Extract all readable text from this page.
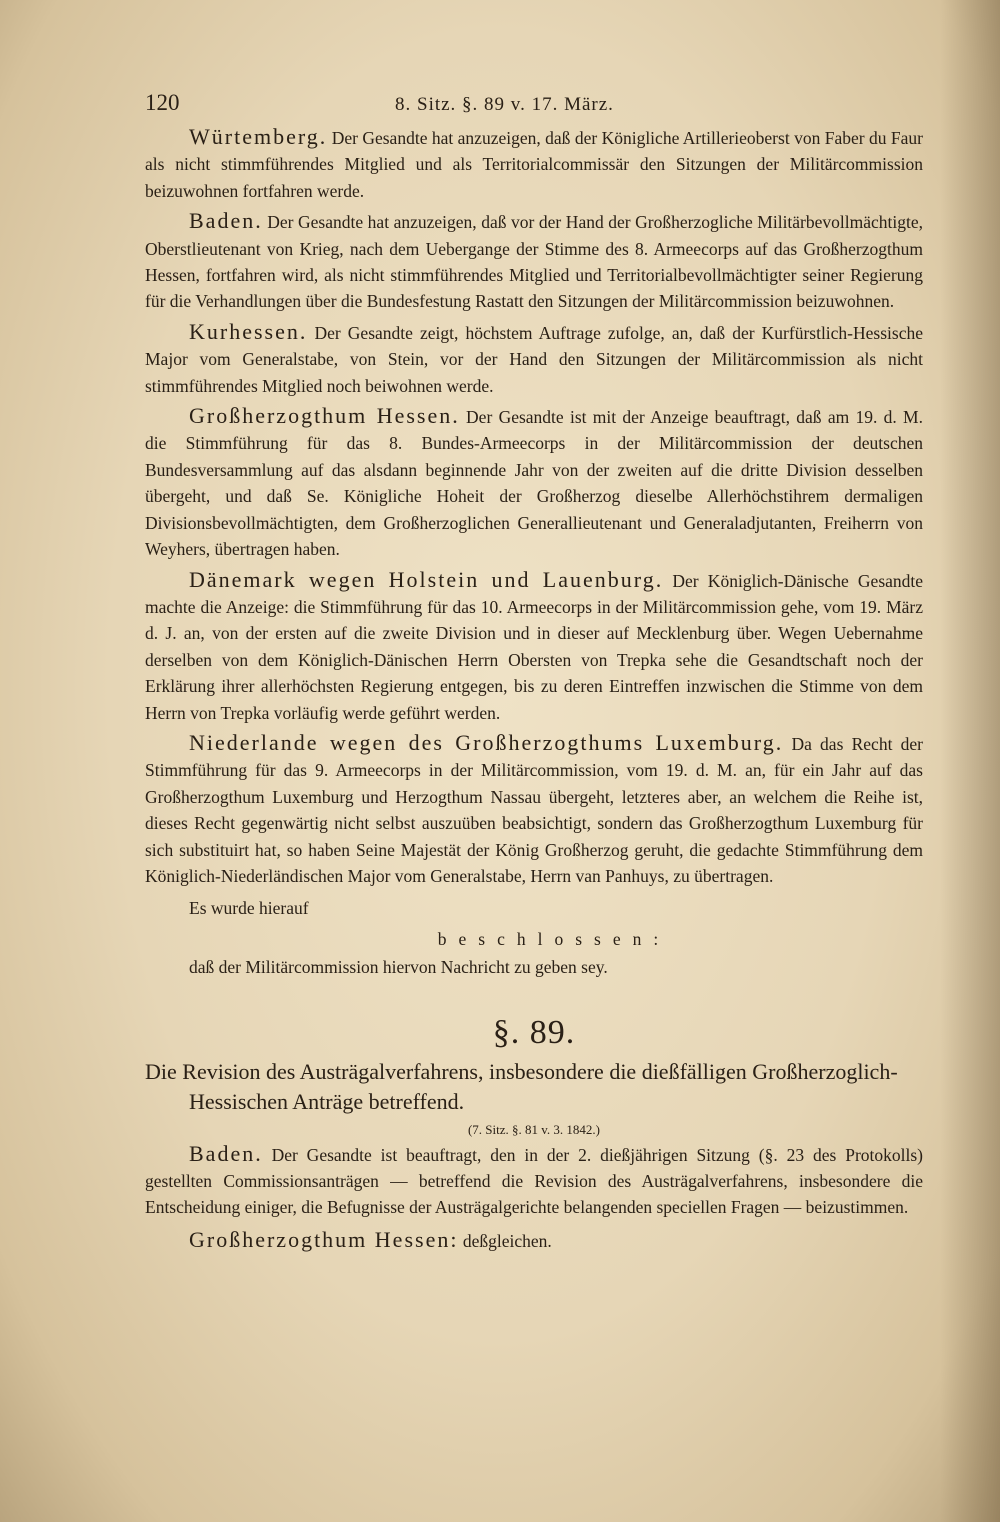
120	8. Sitz. §. 89 v. 17. März.

Würtemberg. Der Gesandte hat anzuzeigen, daß der Königliche Artillerieoberst von Faber du Faur als nicht stimmführendes Mitglied und als Territorialcommissär den Sitzungen der Militärcommission beizuwohnen fortfahren werde.

Baden. Der Gesandte hat anzuzeigen, daß vor der Hand der Großherzogliche Militärbevollmächtigte, Oberstlieutenant von Krieg, nach dem Uebergange der Stimme des 8. Armeecorps auf das Großherzogthum Hessen, fortfahren wird, als nicht stimmführendes Mitglied und Territorialbevollmächtigter seiner Regierung für die Verhandlungen über die Bundesfestung Rastatt den Sitzungen der Militärcommission beizuwohnen.

Kurhessen. Der Gesandte zeigt, höchstem Auftrage zufolge, an, daß der Kurfürstlich-Hessische Major vom Generalstabe, von Stein, vor der Hand den Sitzungen der Militärcommission als nicht stimmführendes Mitglied noch beiwohnen werde.

Großherzogthum Hessen. Der Gesandte ist mit der Anzeige beauftragt, daß am 19. d. M. die Stimmführung für das 8. Bundes-Armeecorps in der Militärcommission der deutschen Bundesversammlung auf das alsdann beginnende Jahr von der zweiten auf die dritte Division desselben übergeht, und daß Se. Königliche Hoheit der Großherzog dieselbe Allerhöchstihrem dermaligen Divisionsbevollmächtigten, dem Großherzoglichen Generallieutenant und Generaladjutanten, Freiherrn von Weyhers, übertragen haben.

Dänemark wegen Holstein und Lauenburg. Der Königlich-Dänische Gesandte machte die Anzeige: die Stimmführung für das 10. Armeecorps in der Militärcommission gehe, vom 19. März d. J. an, von der ersten auf die zweite Division und in dieser auf Mecklenburg über. Wegen Uebernahme derselben von dem Königlich-Dänischen Herrn Obersten von Trepka sehe die Gesandtschaft noch der Erklärung ihrer allerhöchsten Regierung entgegen, bis zu deren Eintreffen inzwischen die Stimme von dem Herrn von Trepka vorläufig werde geführt werden.

Niederlande wegen des Großherzogthums Luxemburg. Da das Recht der Stimmführung für das 9. Armeecorps in der Militärcommission, vom 19. d. M. an, für ein Jahr auf das Großherzogthum Luxemburg und Herzogthum Nassau übergeht, letzteres aber, an welchem die Reihe ist, dieses Recht gegenwärtig nicht selbst auszuüben beabsichtigt, sondern das Großherzogthum Luxemburg für sich substituirt hat, so haben Seine Majestät der König Großherzog geruht, die gedachte Stimmführung dem Königlich-Niederländischen Major vom Generalstabe, Herrn van Panhuys, zu übertragen.

Es wurde hierauf

beschlossen:

daß der Militärcommission hiervon Nachricht zu geben sey.

§. 89.
Die Revision des Austrägalverfahrens, insbesondere die dießfälligen Großherzoglich-
Hessischen Anträge betreffend.
(7. Sitz. §. 81 v. 3. 1842.)

Baden. Der Gesandte ist beauftragt, den in der 2. dießjährigen Sitzung (§. 23 des Protokolls) gestellten Commissionsanträgen — betreffend die Revision des Austrägalverfahrens, insbesondere die Entscheidung einiger, die Befugnisse der Austrägalgerichte belangenden speciellen Fragen — beizustimmen.

Großherzogthum Hessen: deßgleichen.
